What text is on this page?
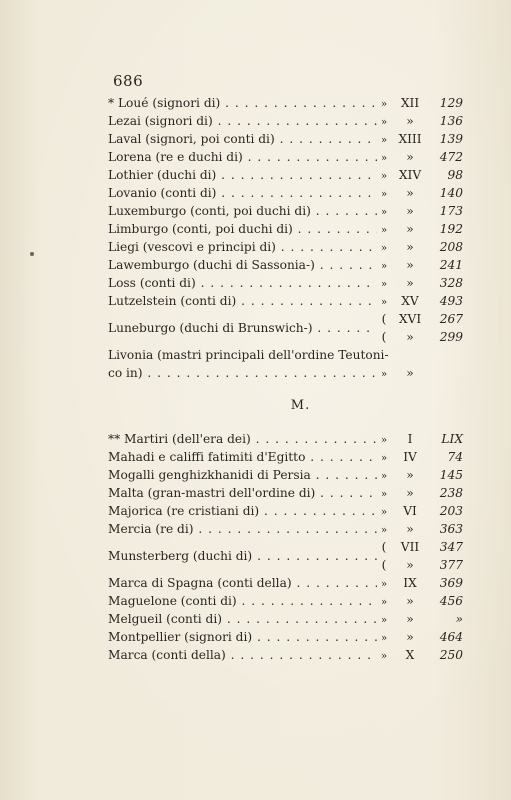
686
* Loué (signori di) . . .	»	XII	129
Lezai (signori di) . . .	»	»	136
Laval (signori, poi conti di) . . .	» XIII	139
Lorena (re e duchi di) . . .	»	»	472
Lothier (duchi di) . . .	» XIV	98
Lovanio (conti di) . . .	»	»	140
Luxemburgo (conti, poi duchi di) . . .	»	»	173
Limburgo (conti, poi duchi di) . . .	»	»	192
Liegi (vescovi e principi di) . . .	»	»	208
Lawemburgo (duchi di Sassonia-) . . .	»	»	241
Loss (conti di) . . .	»	»	328
Lutzelstein (conti di) . . .	»	XV	493
Luneburgo (duchi di Brunswich-) . . .
(	XVI	267
(	»	299
Livonia (mastri principali dell'ordine Teutoni-
co in) . . .	»	»
M.
** Martiri (dell'era dei) . . .	»	I	LIX
Mahadi e califfi fatimiti d'Egitto . . .	»	IV	74
Mogalli genghizkhanidi di Persia . . .	»	»	145
Malta (gran-mastri dell'ordine di) . . .	»	»	238
Majorica (re cristiani di) . . .	»	VI	203
Mercia (re di) . . .	»	»	363
Munsterberg (duchi di) . . .
(	VII	347
(	»	377
Marca di Spagna (conti della) . . .	»	IX	369
Maguelone (conti di) . . .	»	»	456
Melgueil (conti di) . . .	»	»	»
Montpellier (signori di) . . .	»	»	464
Marca (conti della) . . .	»	X	250
